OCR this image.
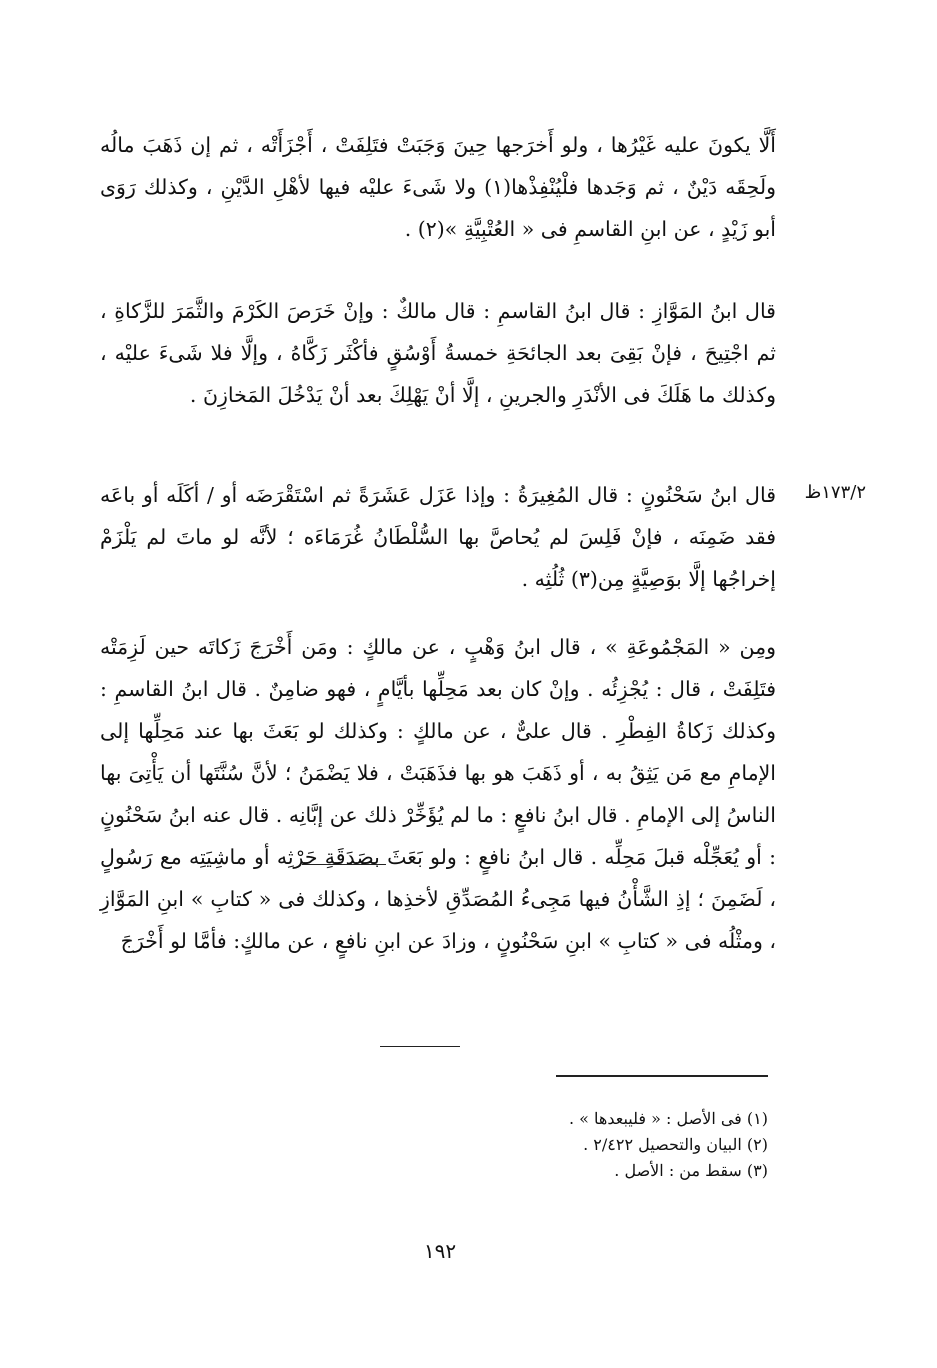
أَلَّا يكونَ عليه غَيْرُها ، ولو أَخرَجها حِينَ وَجَبَتْ فتَلِفَتْ ، أَجْزَأَتْه ، ثم إن ذَهَبَ مالُه ولَحِقَه دَيْنٌ ، ثم وَجَدها فلْيُنْفِذْها(١) ولا شَىءَ عليْه فيها لأهْلِ الدَّيْنِ ، وكذلك رَوَى أبو زَيْدٍ ، عن ابنِ القاسمِ فى « العُتْبِيَّةِ »(٢) .

قال ابنُ المَوَّازِ : قال ابنُ القاسمِ : قال مالكٌ : وإنْ خَرَصَ الكَرْمَ والثَّمَرَ للزَّكاةِ ، ثم اجْتِيحَ ، فإنْ بَقِىَ بعد الجائحَةِ خمسةُ أَوْسُقٍ فأكْثَر زَكَّاهُ ، وإلَّا فلا شَىءَ عليْه ، وكذلك ما هَلَكَ فى الأنْدَرِ والجرينِ ، إلَّا أنْ يَهْلِكَ بعد أنْ يَدْخُلَ المَخازِنَ .

١٧٣/٢ظ

قال ابنُ سَحْنُونٍ : قال المُغِيرَةُ : وإذا عَزَل عَشَرَةً ثم اسْتَقْرَضَه أو / أكَلَه أو باعَه فقد ضَمِنَه ، فإنْ فَلِسَ لم يُحاصَّ بها السُّلْطَانُ غُرَمَاءَه ؛ لأنَّه لو ماتَ لم يَلْزَمْ إخراجُها إلَّا بوَصِيَّةٍ مِن(٣) ثُلُثِه .

ومِن « المَجْمُوعَةِ » ، قال ابنُ وَهْبٍ ، عن مالكٍ : ومَن أَخْرَجَ زَكاتَه حين لَزِمَتْه فتَلِفَتْ ، قال : يُجْزِئُه . وإنْ كان بعد مَحِلِّها بأيَّامٍ ، فهو ضامِنٌ . قال ابنُ القاسمِ : وكذلك زَكاةُ الفِطْرِ . قال علىٌّ ، عن مالكٍ : وكذلك لو بَعَثَ بها عند مَحِلِّها إلى الإمامِ مع مَن يَثِقُ به ، أو ذَهَبَ هو بها فذَهَبَتْ ، فلا يَضْمَنُ ؛ لأنَّ سُنَّتَها أن يَأْتِىَ بها الناسُ إلى الإمامِ . قال ابنُ نافعٍ : ما لم يُؤَخِّرْ ذلك عن إبَّانِه . قال عنه ابنُ سَحْنُونٍ : أو يُعَجِّلْه قبلَ مَحِلِّه . قال ابنُ نافعٍ : ولو بَعَثَ بصَدَقَةِ حَرْثِه أو ماشِيَتِه مع رَسُولٍ ، لَضَمِنَ ؛ إذِ الشَّأْنُ فيها مَجِىءُ المُصَدِّقِ لأخذِها ، وكذلك فى « كتابِ » ابنِ المَوَّازِ ، ومثْلُه فى « كتابِ » ابنِ سَحْنُونٍ ، وزادَ عن ابنِ نافعٍ ، عن مالكٍ: فأمَّا لو أَخْرَجَ

(١) فى الأصل : « فليبعدها » .
(٢) البيان والتحصيل ٢/٤٢٢ .
(٣) سقط من : الأصل .
١٩٢
